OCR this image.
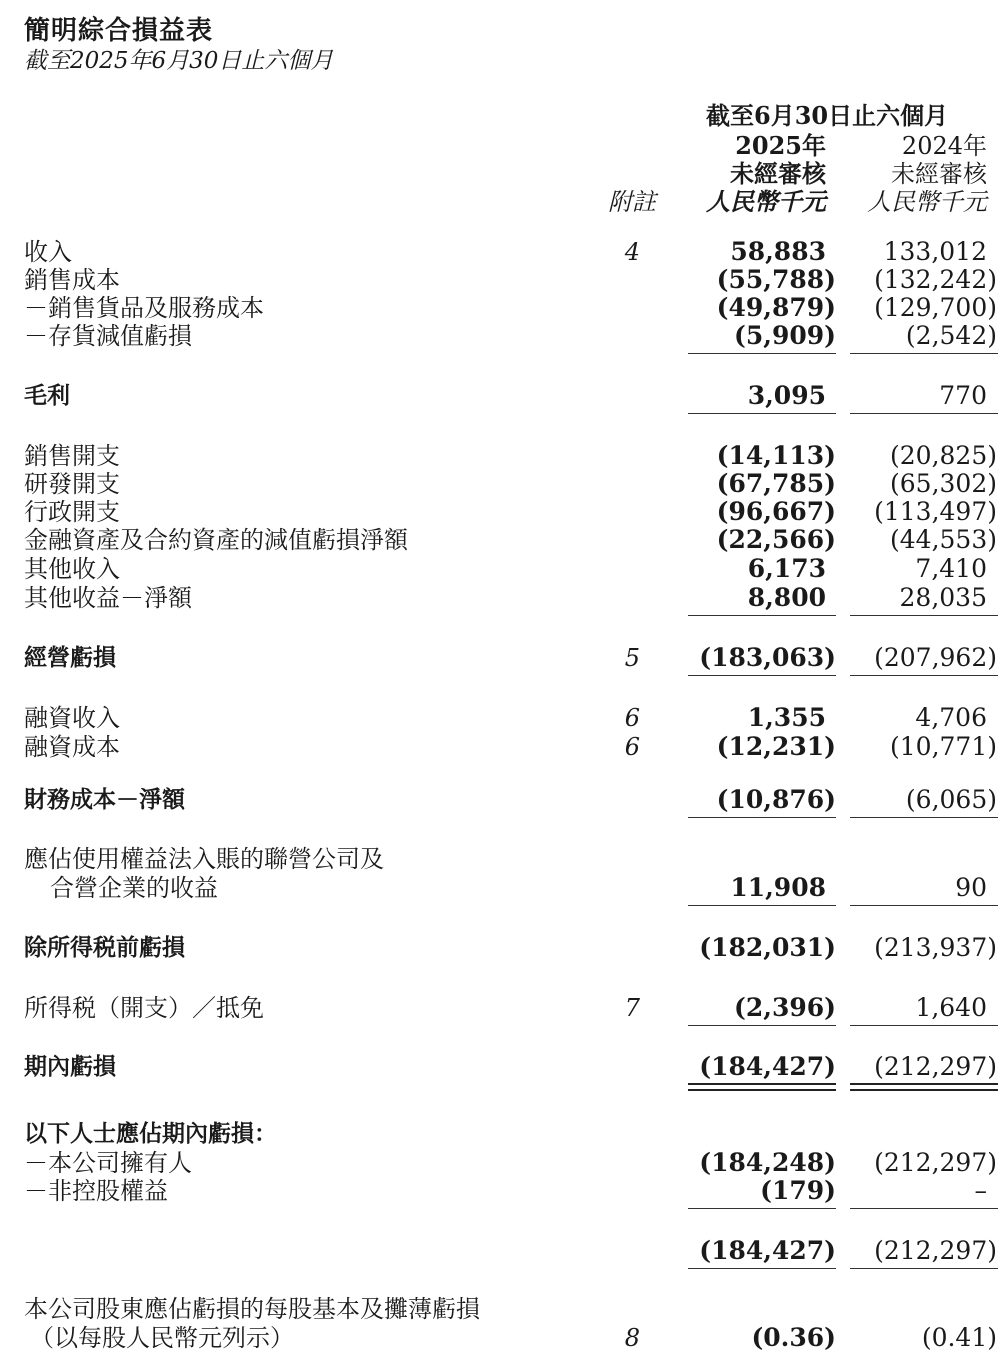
簡明綜合損益表
截至2025年6月30日止六個月
截至6月30日止六個月
2025年	2024年
未經審核	未經審核
附註	人民幣千元	人民幣千元
收入	4	58,883	133,012
銷售成本	(55,788)	(132,242)
－銷售貨品及服務成本	(49,879)	(129,700)
－存貨減值虧損	(5,909)	(2,542)
毛利	3,095	770
銷售開支	(14,113)	(20,825)
研發開支	(67,785)	(65,302)
行政開支	(96,667)	(113,497)
金融資產及合約資產的減值虧損淨額	(22,566)	(44,553)
其他收入	6,173	7,410
其他收益－淨額	8,800	28,035
經營虧損	5	(183,063)	(207,962)
融資收入	6	1,355	4,706
融資成本	6	(12,231)	(10,771)
財務成本－淨額	(10,876)	(6,065)
應佔使用權益法入賬的聯營公司及
合營企業的收益	11,908	90
除所得税前虧損	(182,031)	(213,937)
所得税（開支）／抵免	7	(2,396)	1,640
期內虧損	(184,427)	(212,297)
以下人士應佔期內虧損：
－本公司擁有人	(184,248)	(212,297)
－非控股權益	(179)	–
(184,427)	(212,297)
本公司股東應佔虧損的每股基本及攤薄虧損
（以每股人民幣元列示）	8	(0.36)	(0.41)
